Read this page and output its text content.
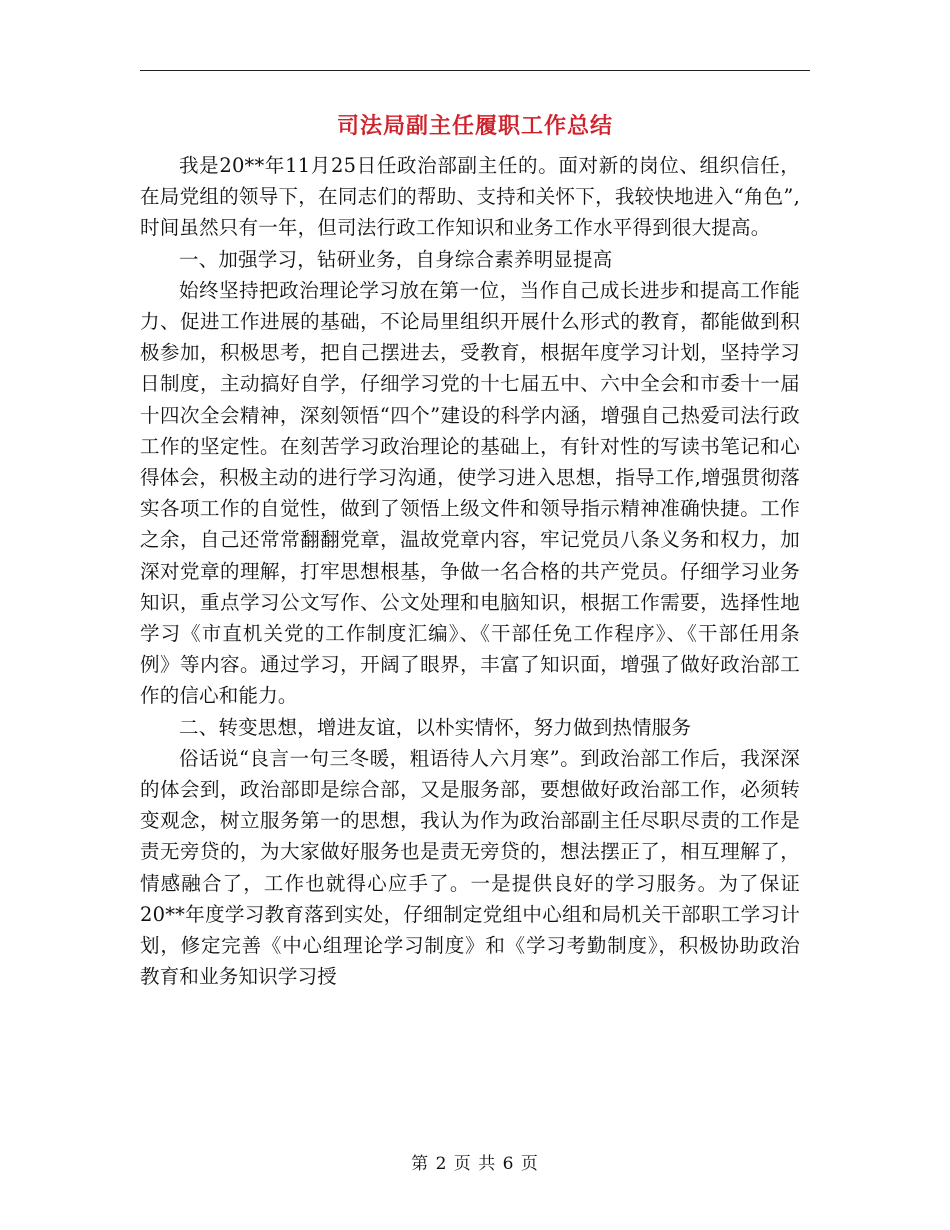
司法局副主任履职工作总结

我是20**年11月25日任政治部副主任的。面对新的岗位、组织信任，在局党组的领导下，在同志们的帮助、支持和关怀下，我较快地进入“角色”,时间虽然只有一年，但司法行政工作知识和业务工作水平得到很大提高。

一、加强学习，钻研业务，自身综合素养明显提高

始终坚持把政治理论学习放在第一位，当作自己成长进步和提高工作能力、促进工作进展的基础，不论局里组织开展什么形式的教育，都能做到积极参加，积极思考，把自己摆进去，受教育，根据年度学习计划，坚持学习日制度，主动搞好自学，仔细学习党的十七届五中、六中全会和市委十一届十四次全会精神，深刻领悟“四个”建设的科学内涵，增强自己热爱司法行政工作的坚定性。在刻苦学习政治理论的基础上，有针对性的写读书笔记和心得体会，积极主动的进行学习沟通，使学习进入思想，指导工作,增强贯彻落实各项工作的自觉性，做到了领悟上级文件和领导指示精神准确快捷。工作之余，自己还常常翻翻党章，温故党章内容，牢记党员八条义务和权力，加深对党章的理解，打牢思想根基，争做一名合格的共产党员。仔细学习业务知识，重点学习公文写作、公文处理和电脑知识，根据工作需要，选择性地学习《市直机关党的工作制度汇编》、《干部任免工作程序》、《干部任用条例》等内容。通过学习，开阔了眼界，丰富了知识面，增强了做好政治部工作的信心和能力。

二、转变思想，增进友谊，以朴实情怀，努力做到热情服务

俗话说“良言一句三冬暖，粗语待人六月寒”。到政治部工作后，我深深的体会到，政治部即是综合部，又是服务部，要想做好政治部工作，必须转变观念，树立服务第一的思想，我认为作为政治部副主任尽职尽责的工作是责无旁贷的，为大家做好服务也是责无旁贷的，想法摆正了，相互理解了，情感融合了，工作也就得心应手了。一是提供良好的学习服务。为了保证20**年度学习教育落到实处，仔细制定党组中心组和局机关干部职工学习计划，修定完善《中心组理论学习制度》和《学习考勤制度》，积极协助政治教育和业务知识学习授

第 2 页 共 6 页
